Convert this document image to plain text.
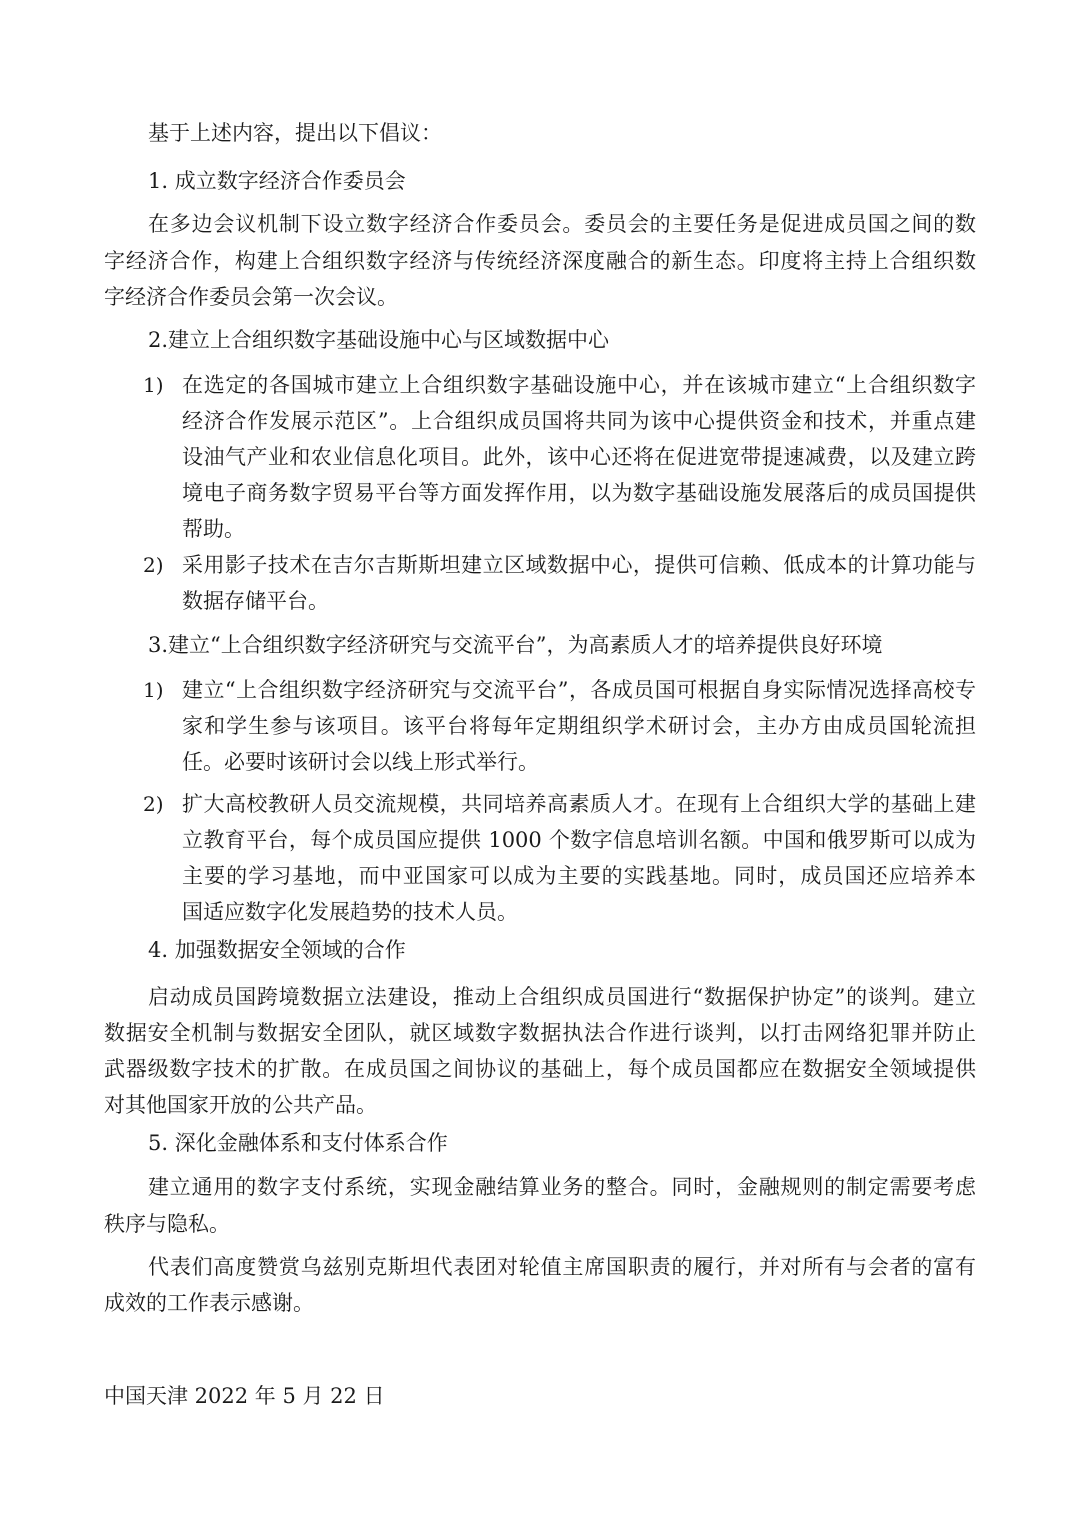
基于上述内容，提出以下倡议：

1. 成立数字经济合作委员会

在多边会议机制下设立数字经济合作委员会。委员会的主要任务是促进成员国之间的数

字经济合作，构建上合组织数字经济与传统经济深度融合的新生态。印度将主持上合组织数

字经济合作委员会第一次会议。

2.建立上合组织数字基础设施中心与区域数据中心

1) 在选定的各国城市建立上合组织数字基础设施中心，并在该城市建立“上合组织数字

经济合作发展示范区”。上合组织成员国将共同为该中心提供资金和技术，并重点建

设油气产业和农业信息化项目。此外，该中心还将在促进宽带提速减费，以及建立跨

境电子商务数字贸易平台等方面发挥作用，以为数字基础设施发展落后的成员国提供

帮助。

2) 采用影子技术在吉尔吉斯斯坦建立区域数据中心，提供可信赖、低成本的计算功能与

数据存储平台。

3.建立“上合组织数字经济研究与交流平台”，为高素质人才的培养提供良好环境

1) 建立“上合组织数字经济研究与交流平台”，各成员国可根据自身实际情况选择高校专

家和学生参与该项目。该平台将每年定期组织学术研讨会，主办方由成员国轮流担

任。必要时该研讨会以线上形式举行。

2) 扩大高校教研人员交流规模，共同培养高素质人才。在现有上合组织大学的基础上建

立教育平台，每个成员国应提供 1000 个数字信息培训名额。中国和俄罗斯可以成为

主要的学习基地，而中亚国家可以成为主要的实践基地。同时，成员国还应培养本

国适应数字化发展趋势的技术人员。

4. 加强数据安全领域的合作

启动成员国跨境数据立法建设，推动上合组织成员国进行“数据保护协定”的谈判。建立

数据安全机制与数据安全团队，就区域数字数据执法合作进行谈判，以打击网络犯罪并防止

武器级数字技术的扩散。在成员国之间协议的基础上，每个成员国都应在数据安全领域提供

对其他国家开放的公共产品。

5. 深化金融体系和支付体系合作

建立通用的数字支付系统，实现金融结算业务的整合。同时，金融规则的制定需要考虑

秩序与隐私。

代表们高度赞赏乌兹别克斯坦代表团对轮值主席国职责的履行，并对所有与会者的富有

成效的工作表示感谢。

中国天津 2022 年 5 月 22 日
